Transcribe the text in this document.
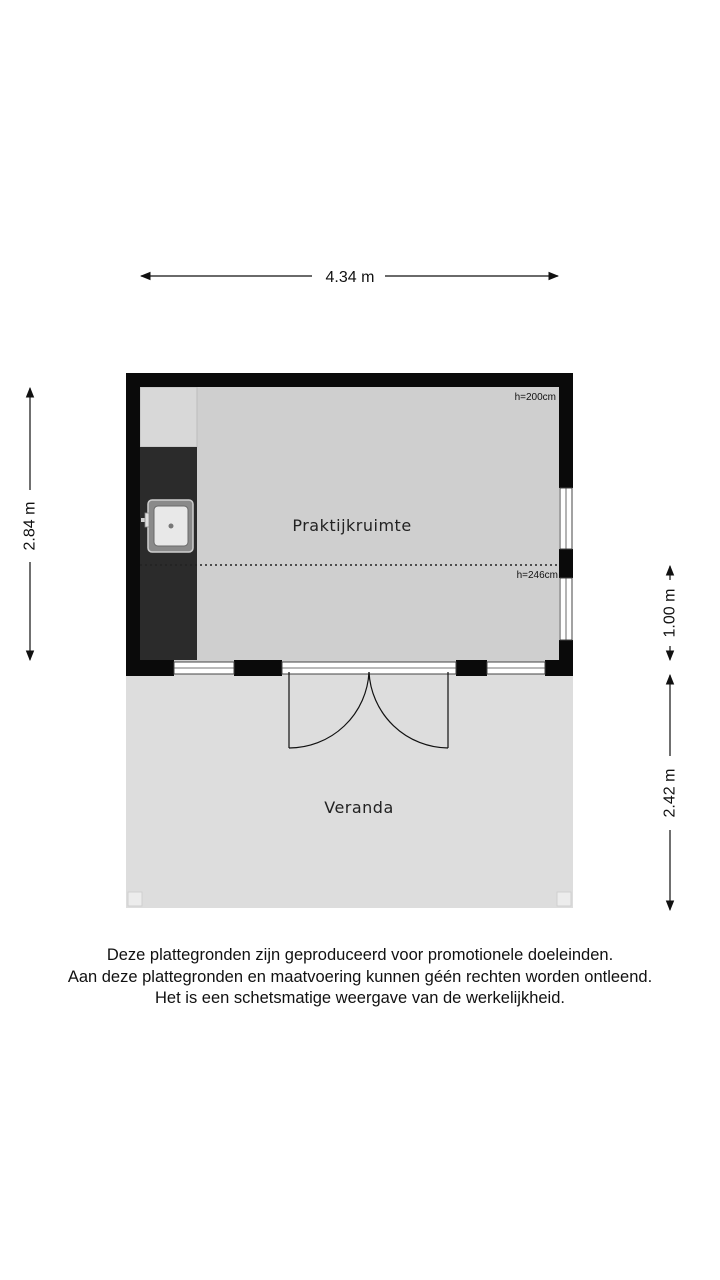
4.34 m
2.84 m
1.00 m
2.42 m
Praktijkruimte
Veranda
h=200cm
h=246cm
Deze plattegronden zijn geproduceerd voor promotionele doeleinden.
Aan deze plattegronden en maatvoering kunnen géén rechten worden ontleend.
Het is een schetsmatige weergave van de werkelijkheid.
